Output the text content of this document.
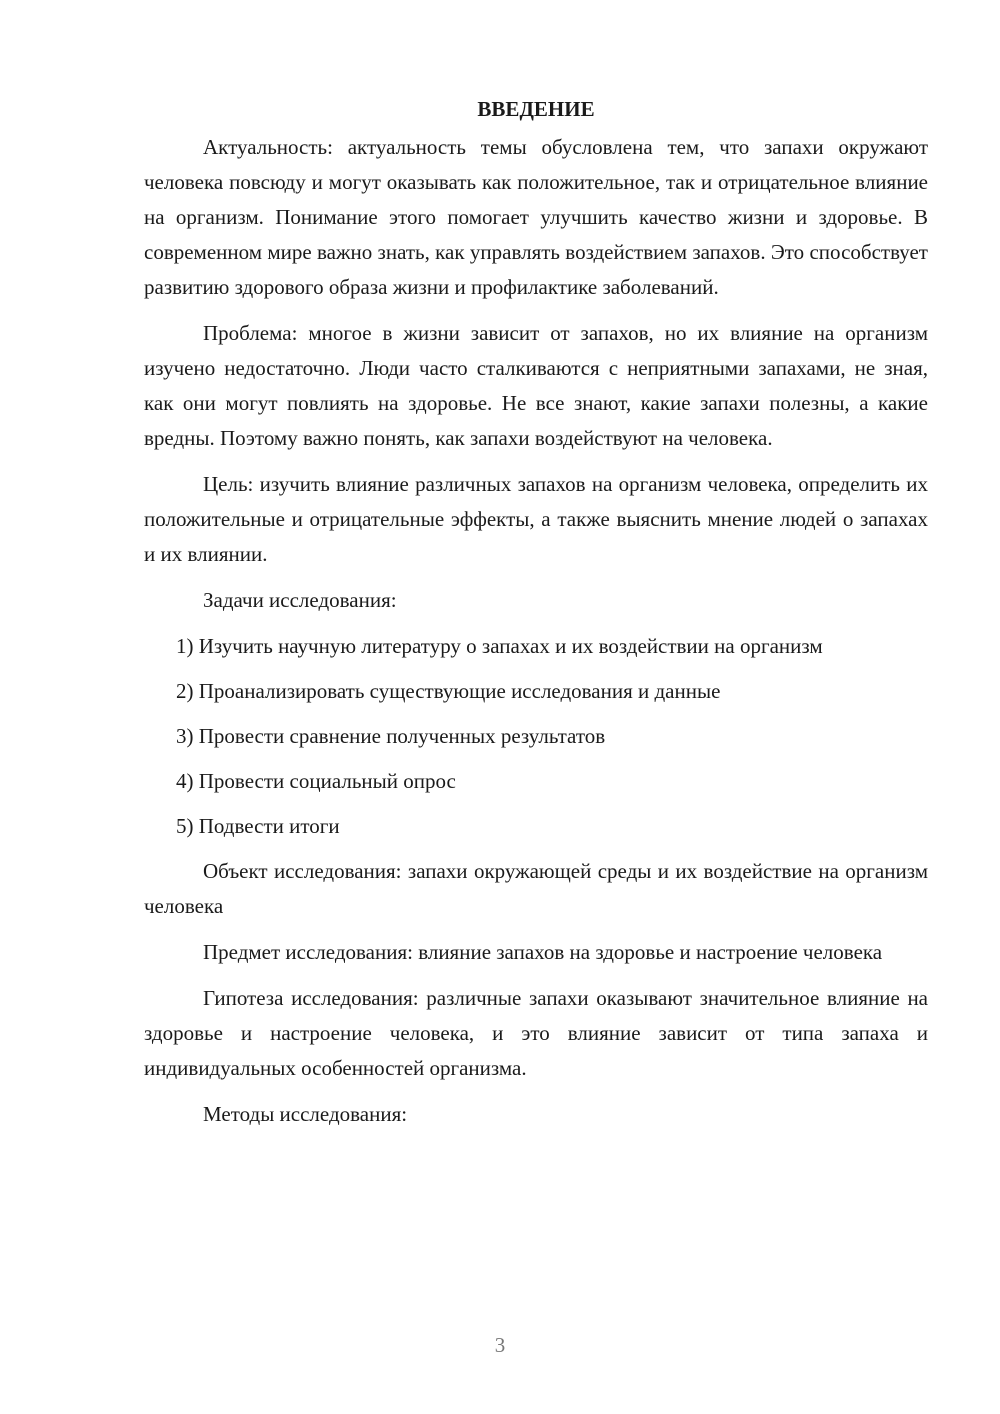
ВВЕДЕНИЕ

Актуальность: актуальность темы обусловлена тем, что запахи окружают человека повсюду и могут оказывать как положительное, так и отрицательное влияние на организм. Понимание этого помогает улучшить качество жизни и здоровье. В современном мире важно знать, как управлять воздействием запахов. Это способствует развитию здорового образа жизни и профилактике заболеваний.

Проблема: многое в жизни зависит от запахов, но их влияние на организм изучено недостаточно. Люди часто сталкиваются с неприятными запахами, не зная, как они могут повлиять на здоровье. Не все знают, какие запахи полезны, а какие вредны. Поэтому важно понять, как запахи воздействуют на человека.

Цель: изучить влияние различных запахов на организм человека, определить их положительные и отрицательные эффекты, а также выяснить мнение людей о запахах и их влиянии.

Задачи исследования:

1) Изучить научную литературу о запахах и их воздействии на организм

2) Проанализировать существующие исследования и данные

3) Провести сравнение полученных результатов

4) Провести социальный опрос

5) Подвести итоги

Объект исследования: запахи окружающей среды и их воздействие на организм человека

Предмет исследования: влияние запахов на здоровье и настроение человека

Гипотеза исследования: различные запахи оказывают значительное влияние на здоровье и настроение человека, и это влияние зависит от типа запаха и индивидуальных особенностей организма.

Методы исследования:

3
